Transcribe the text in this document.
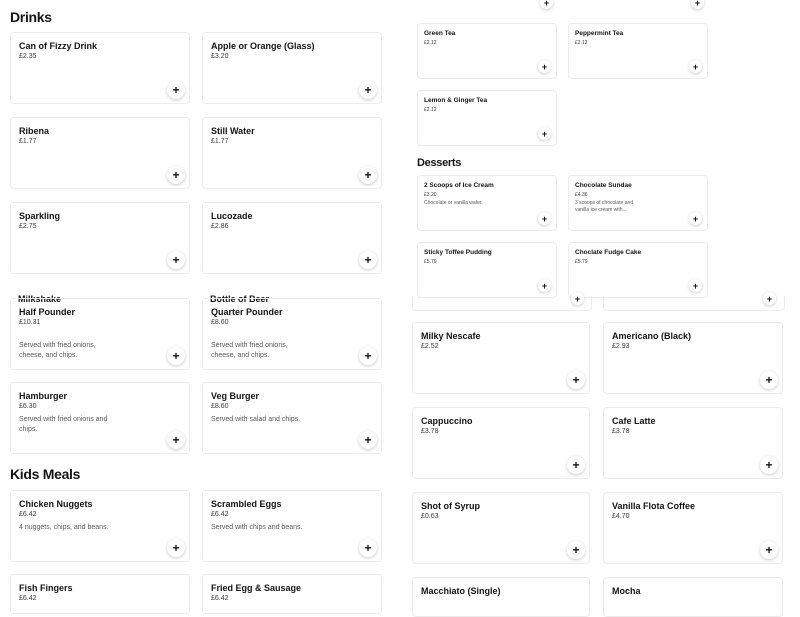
Drinks
Can of Fizzy Drink
£2.35
+
Apple or Orange (Glass)
£3.20
+
Ribena
£1.77
+
Still Water
£1.77
+
Sparkling
£2.75
+
Lucozade
£2.86
+
Milkshake	Bottle of Beer
Half Pounder
£10.31
Served with fried onions, cheese, and chips.	+
Quarter Pounder
£8.60
Served with fried onions, cheese, and chips.	+
Hamburger
£6.30
Served with fried onions and chips.
+
Veg Burger
£8.60
Served with salad and chips.
+
Kids Meals
Chicken Nuggets
£6.42
4 nuggets, chips, and beans.
+
Scrambled Eggs
£6.42
Served with chips and beans.
+
Fish Fingers
£6.42
Fried Egg & Sausage
£6.42
+	+
Green Tea
£2.12
+
Peppermint Tea
£2.12
+
Lemon & Ginger Tea
£2.12
+
Desserts
2 Scoops of Ice Cream
£3.20
Chocolate or vanilla wafer.
+
Chocolate Sundae
£4.36
3 scoops of chocolate and vanilla ice cream with...
+
Sticky Toffee Pudding
£5.79
+
Choclate Fudge Cake
£5.79
+
+	+
Milky Nescafe
£2.52
+
Americano (Black)
£2.93
+
Cappuccino
£3.78
+
Cafe Latte
£3.78
+
Shot of Syrup
£0.63
+
Vanilla Flota Coffee
£4.70
+
Macchiato (Single)	Mocha
